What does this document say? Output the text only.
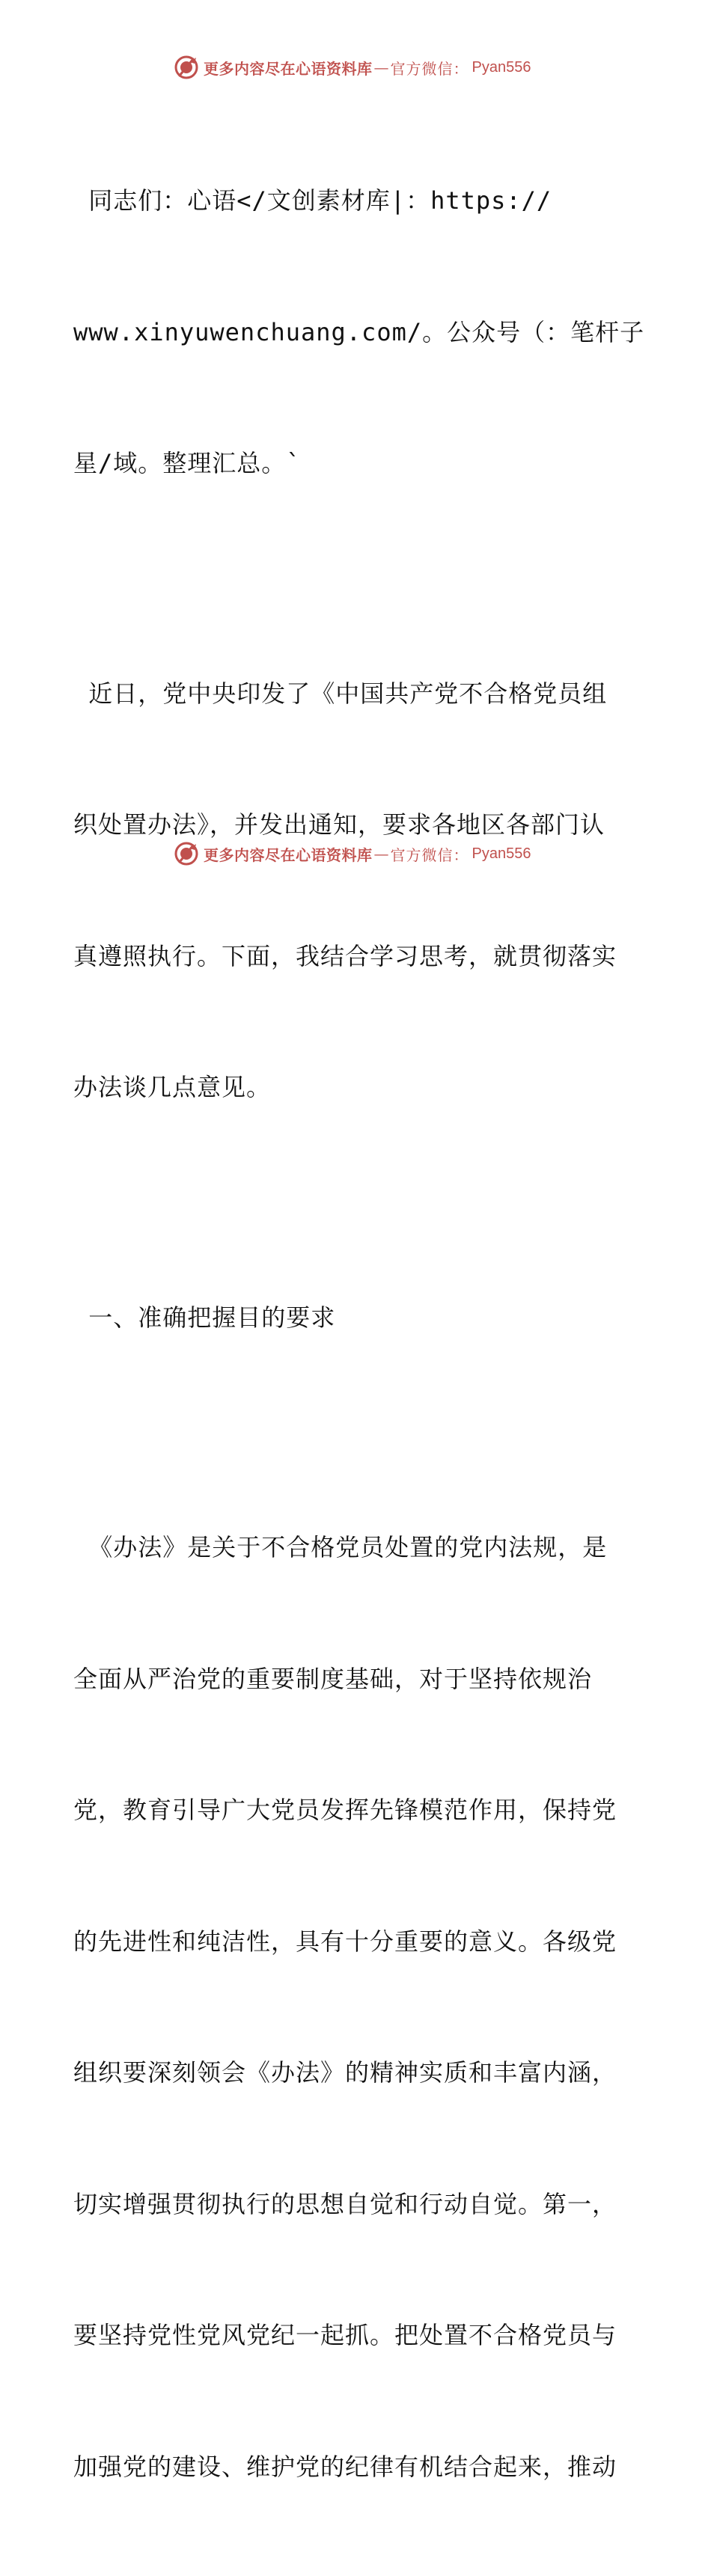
更多内容尽在心语资料库 — 官方微信： Pyan556

同志们：心语</文创素材库|：https://

www.xinyuwenchuang.com/。公众号（：笔杆子

星/域。整理汇总。`

近日，党中央印发了《中国共产党不合格党员组

织处置办法》，并发出通知，要求各地区各部门认

真遵照执行。下面，我结合学习思考，就贯彻落实

办法谈几点意见。

一、准确把握目的要求

《办法》是关于不合格党员处置的党内法规，是

全面从严治党的重要制度基础，对于坚持依规治

党，教育引导广大党员发挥先锋模范作用，保持党

的先进性和纯洁性，具有十分重要的意义。各级党

组织要深刻领会《办法》的精神实质和丰富内涵，

切实增强贯彻执行的思想自觉和行动自觉。第一，

要坚持党性党风党纪一起抓。把处置不合格党员与

加强党的建设、维护党的纪律有机结合起来，推动

更多内容尽在心语资料库 — 官方微信： Pyan556
